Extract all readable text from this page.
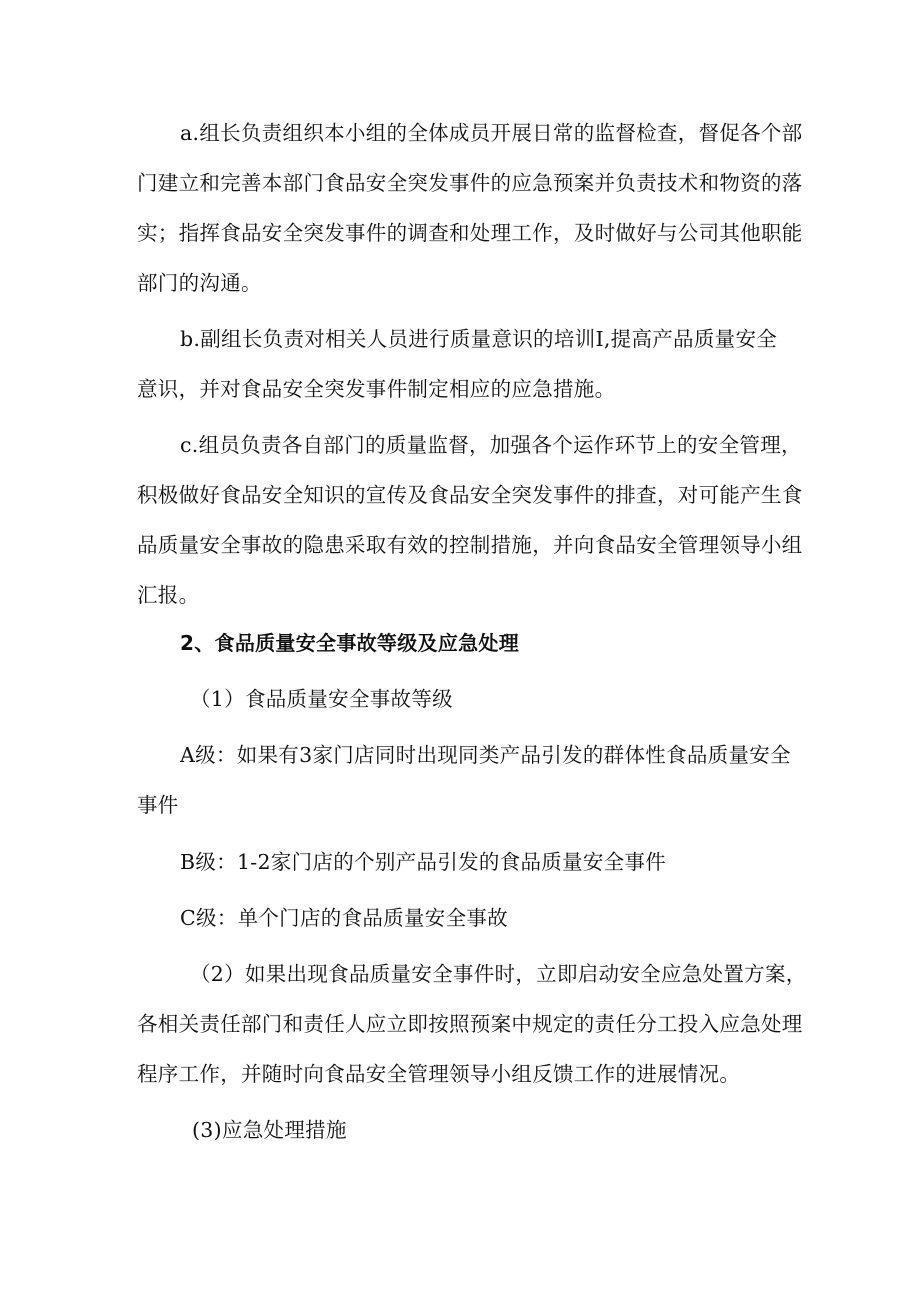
a.组长负责组织本小组的全体成员开展日常的监督检查，督促各个部

门建立和完善本部门食品安全突发事件的应急预案并负责技术和物资的落

实；指挥食品安全突发事件的调查和处理工作，及时做好与公司其他职能

部门的沟通。

b.副组长负责对相关人员进行质量意识的培训I,提高产品质量安全

意识，并对食品安全突发事件制定相应的应急措施。

c.组员负责各自部门的质量监督，加强各个运作环节上的安全管理，

积极做好食品安全知识的宣传及食品安全突发事件的排查，对可能产生食

品质量安全事故的隐患采取有效的控制措施，并向食品安全管理领导小组

汇报。

2、食品质量安全事故等级及应急处理

（1）食品质量安全事故等级

A级：如果有3家门店同时出现同类产品引发的群体性食品质量安全

事件

B级：1-2家门店的个别产品引发的食品质量安全事件

C级：单个门店的食品质量安全事故

（2）如果出现食品质量安全事件时，立即启动安全应急处置方案，

各相关责任部门和责任人应立即按照预案中规定的责任分工投入应急处理

程序工作，并随时向食品安全管理领导小组反馈工作的进展情况。

(3)应急处理措施
